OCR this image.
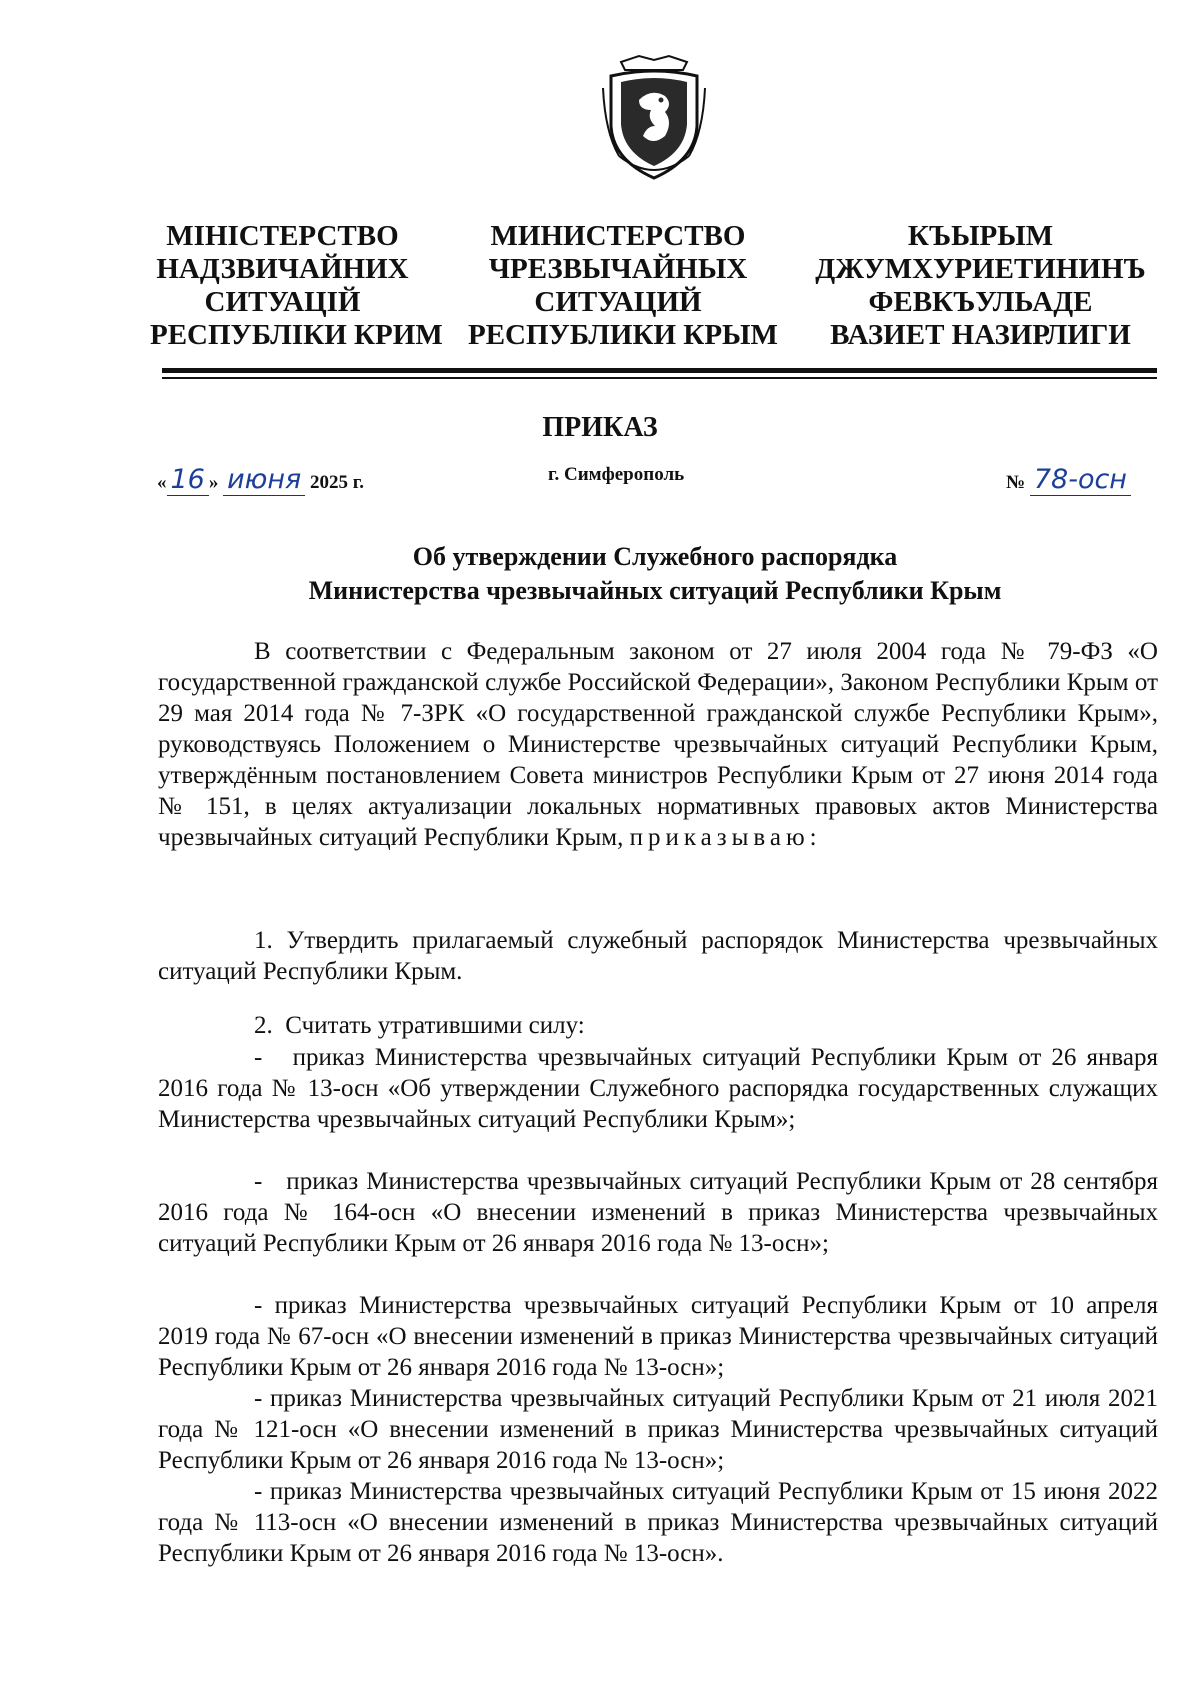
МІНІСТЕРСТВО
НАДЗВИЧАЙНИХ
СИТУАЦІЙ
РЕСПУБЛІКИ КРИМ
МИНИСТЕРСТВО
ЧРЕЗВЫЧАЙНЫХ
СИТУАЦИЙ
РЕСПУБЛИКИ КРЫМ
КЪЫРЫМ
ДЖУМХУРИЕТИНИНЪ
ФЕВКЪУЛЬАДЕ
ВАЗИЕТ НАЗИРЛИГИ
ПРИКАЗ
« 16 » июня 2025 г.	г. Симферополь	№ 78-осн
Об утверждении Служебного распорядка
Министерства чрезвычайных ситуаций Республики Крым

В соответствии с Федеральным законом от 27 июля 2004 года № 79-ФЗ «О государственной гражданской службе Российской Федерации», Законом Республики Крым от 29 мая 2014 года № 7-ЗРК «О государственной гражданской службе Республики Крым», руководствуясь Положением о Министерстве чрезвычайных ситуаций Республики Крым, утверждённым постановлением Совета министров Республики Крым от 27 июня 2014 года № 151, в целях актуализации локальных нормативных правовых актов Министерства чрезвычайных ситуаций Республики Крым, приказываю:

1. Утвердить прилагаемый служебный распорядок Министерства чрезвычайных ситуаций Республики Крым.

2.  Считать утратившими силу:

-   приказ Министерства чрезвычайных ситуаций Республики Крым от 26 января 2016 года № 13-осн «Об утверждении Служебного распорядка государственных служащих Министерства чрезвычайных ситуаций Республики Крым»;

-   приказ Министерства чрезвычайных ситуаций Республики Крым от 28 сентября 2016 года № 164-осн «О внесении изменений в приказ Министерства чрезвычайных ситуаций Республики Крым от 26 января 2016 года № 13-осн»;

- приказ Министерства чрезвычайных ситуаций Республики Крым от 10 апреля 2019 года № 67-осн «О внесении изменений в приказ Министерства чрезвычайных ситуаций Республики Крым от 26 января 2016 года № 13-осн»;

- приказ Министерства чрезвычайных ситуаций Республики Крым от 21 июля 2021 года № 121-осн «О внесении изменений в приказ Министерства чрезвычайных ситуаций Республики Крым от 26 января 2016 года № 13-осн»;

- приказ Министерства чрезвычайных ситуаций Республики Крым от 15 июня 2022 года № 113-осн «О внесении изменений в приказ Министерства чрезвычайных ситуаций Республики Крым от 26 января 2016 года № 13-осн».
